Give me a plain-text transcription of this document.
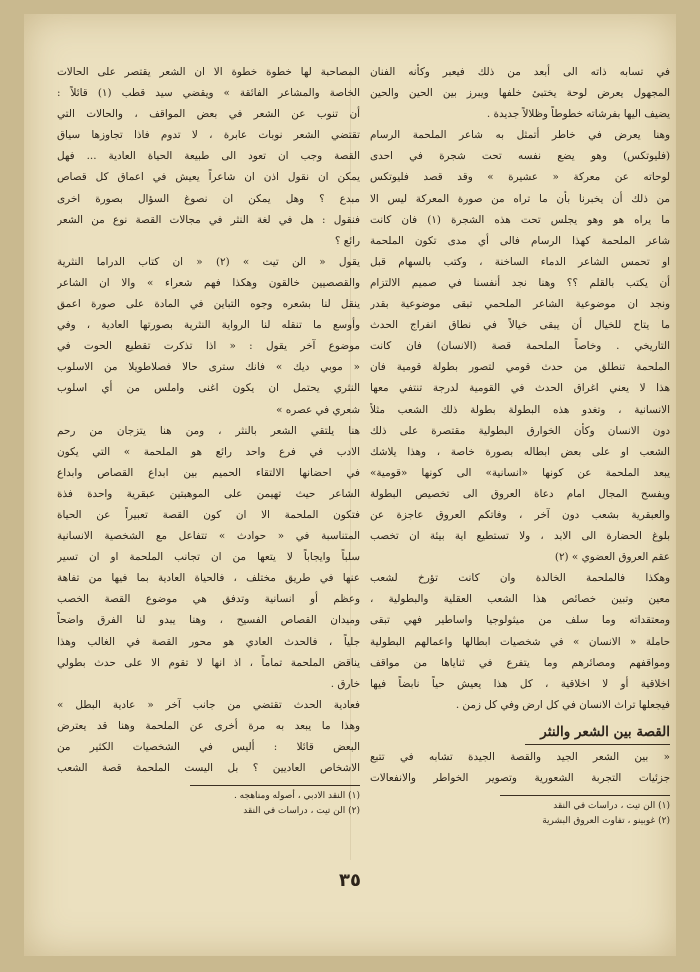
في تسابه ذاته الى أبعد من ذلك فيعبر وكأنه الفنان
المجهول يعرض لوحة يختبئ خلفها ويبرز بين الحين والحين
يضيف اليها بفرشاته خطوطاً وظلالاً جديدة .
وهنا يعرض في خاطر أتمثل به شاعر الملحمة الرسام
(فليوتكس) وهو يضع نفسه تحت شجرة في احدى
لوحاته عن معركة « عشيرة » وقد قصد فليوتكس
من ذلك أن يخبرنا بأن ما تراه من صورة المعركة ليس الا
ما يراه هو وهو يجلس تحت هذه الشجرة (١) فان كانت
شاعر الملحمة كهذا الرسام فالى أي مدى تكون الملحمة
او تحمس الشاعر الدماء الساخنة ، وكتب بالسهام قبل
أن يكتب بالقلم ؟؟ وهنا نجد أنفسنا في صميم الالتزام
ونجد ان موضوعية الشاعر الملحمي تبقى موضوعية بقدر
ما يتاح للخيال أن يبقى خيالاً في نطاق انفراج الحدث
التاريخي . وخاصاً الملحمة قصة (الانسان) فان كانت
الملحمة تنطلق من حدث قومي لتصور بطولة قومية فان
هذا لا يعني اغراق الحدث في القومية لدرجة تنتفي معها
الانسانية ، وتغدو هذه البطولة بطولة ذلك الشعب مثلاً
دون الانسان وكأن الخوارق البطولية مقتصرة على ذلك
الشعب او على بعض ابطاله بصورة خاصة ، وهذا يلاشك
يبعد الملحمة عن كونها «انسانية» الى كونها «قومية»
ويفسح المجال امام دعاة العروق الى تخصيص البطولة
والعبقرية بشعب دون آخر ، وفاتكم العروق عاجزة عن
بلوغ الحضارة الى الابد ، ولا تستطيع اية بيئة ان تخصب
عقم العروق العضوي » (٢)
وهكذا فالملحمة الخالدة وان كانت تؤرخ لشعب
معين وتبين خصائص هذا الشعب العقلية والبطولية ،
ومعتقداته وما سلف من ميثولوجيا واساطير فهي تبقى
حاملة « الانسان » في شخصيات ابطالها واعمالهم البطولية
ومواقفهم ومصائرهم وما يتفرع في ثناياها من مواقف
اخلاقية أو لا اخلاقية ، كل هذا يعيش حياً نابضاً فيها
فيجعلها تراث الانسان في كل ارض وفي كل زمن .
القصة بين الشعر والنثر
« بين الشعر الجيد والقصة الجيدة تشابه في تتبع
جزئيات التجربة الشعورية وتصوير الخواطر والانفعالات
(١) الن تيت ، دراسات في النقد
(٢) غوبينو ، تفاوت العروق البشرية
المصاحبة لها خطوة خطوة الا ان الشعر يقتصر على الحالات
الخاصة والمشاعر الفائقة » ويقضي سيد قطب (١) قائلاً :
أن تنوب عن الشعر في بعض المواقف ، والحالات التي
تقتضي الشعر نوبات عابرة ، لا تدوم فاذا تجاوزها سياق
القصة وجب ان تعود الى طبيعة الحياة العادية ... فهل
يمكن ان نقول اذن ان شاعراً يعيش في اعماق كل قصاص
مبدع ؟ وهل يمكن ان نصوغ السؤال بصورة اخرى
فنقول : هل في لغة النثر في مجالات القصة نوع من الشعر
رائع ؟
يقول « الن تيت » (٢) « ان كتاب الدراما النثرية
والقصصيين خالقون وهكذا فهم شعراء » والا ان الشاعر
ينقل لنا بشعره وجوه التباين في المادة على صورة اعمق
وأوسع ما تنقله لنا الرواية النثرية بصورتها العادية ، وفي
موضوع آخر يقول : « اذا تذكرت تقطيع الحوت في
« موبي ديك » فانك سترى حالا فصلاطويلا من الاسلوب
النثري يحتمل ان يكون اغنى واملس من أي اسلوب
شعري في عصره »
هنا يلتقي الشعر بالنثر ، ومن هنا يتزجان من رحم
الادب في فرع واحد رائع هو الملحمة » التي يكون
في احضانها الالتقاء الحميم بين ابداع القصاص وابداع
الشاعر حيث تهيمن على الموهبتين عبقرية واحدة فذة
فتكون الملحمة الا ان كون القصة تعبيراً عن الحياة
المتناسبة في « حوادث » تتفاعل مع الشخصية الانسانية
سلباً وايجاباً لا يتعها من ان تجانب الملحمة او ان تسير
عنها في طريق مختلف ، فالحياة العادية بما فيها من تفاهة
وعظم أو انسانية وتدفق هي موضوع القصة الخصب
وميدان القصاص الفسيح ، وهنا يبدو لنا الفرق واضحاً
جلياً ، فالحدث العادي هو محور القصة في الغالب وهذا
يناقض الملحمة تماماً ، اذ انها لا تقوم الا على حدث بطولي
خارق .
فعادية الحدث تقتضي من جانب آخر « عادية البطل »
وهذا ما يبعد به مرة أخرى عن الملحمة وهنا قد يعترض
البعض قائلا : أليس في الشخصيات الكثير من
الاشخاص العاديين ؟ بل اليست الملحمة قصة الشعب
(١) النقد الادبي ، أصوله ومناهجه .
(٢) الن تيت ، دراسات في النقد
٣٥
